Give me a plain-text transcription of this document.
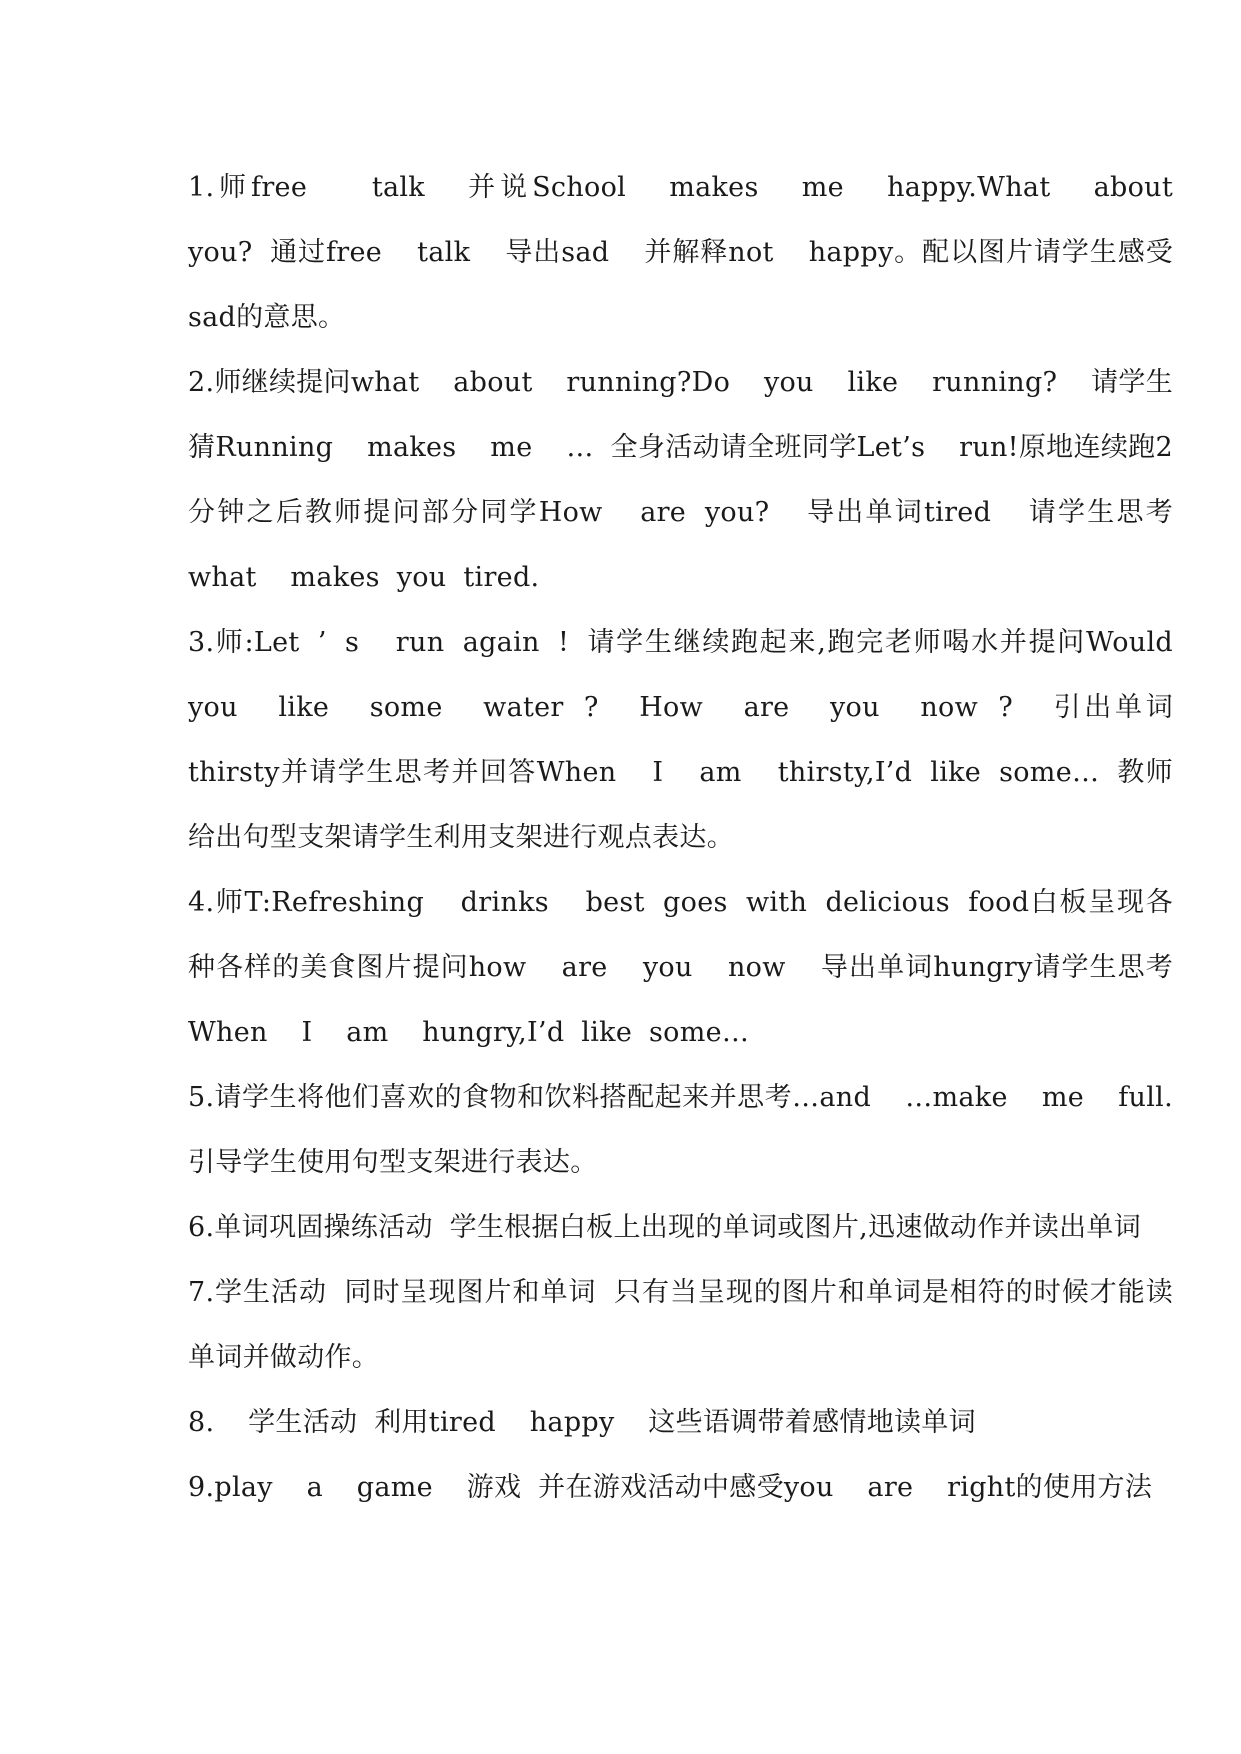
1.师free   talk  并说School  makes  me  happy.What  about  you? 通过free  talk  导出sad  并解释not  happy。配以图片请学生感受sad的意思。

2.师继续提问what  about  running?Do  you  like  running?  请学生猜Running  makes  me  … 全身活动请全班同学Let’s  run!原地连续跑2分钟之后教师提问部分同学How  are you?  导出单词tired  请学生思考what  makes you tired.

3.师:Let ’ s  run again ! 请学生继续跑起来,跑完老师喝水并提问Would  you  like  some  water ?  How  are  you  now ?  引出单词thirsty并请学生思考并回答When  I  am  thirsty,I’d like some… 教师给出句型支架请学生利用支架进行观点表达。

4.师T:Refreshing  drinks  best goes with delicious food白板呈现各种各样的美食图片提问how  are  you  now  导出单词hungry请学生思考When  I  am  hungry,I’d like some…

5.请学生将他们喜欢的食物和饮料搭配起来并思考…and  …make  me  full.引导学生使用句型支架进行表达。

6.单词巩固操练活动 学生根据白板上出现的单词或图片,迅速做动作并读出单词

7.学生活动 同时呈现图片和单词 只有当呈现的图片和单词是相符的时候才能读单词并做动作。

8.  学生活动 利用tired  happy  这些语调带着感情地读单词

9.play  a  game  游戏 并在游戏活动中感受you  are  right的使用方法
